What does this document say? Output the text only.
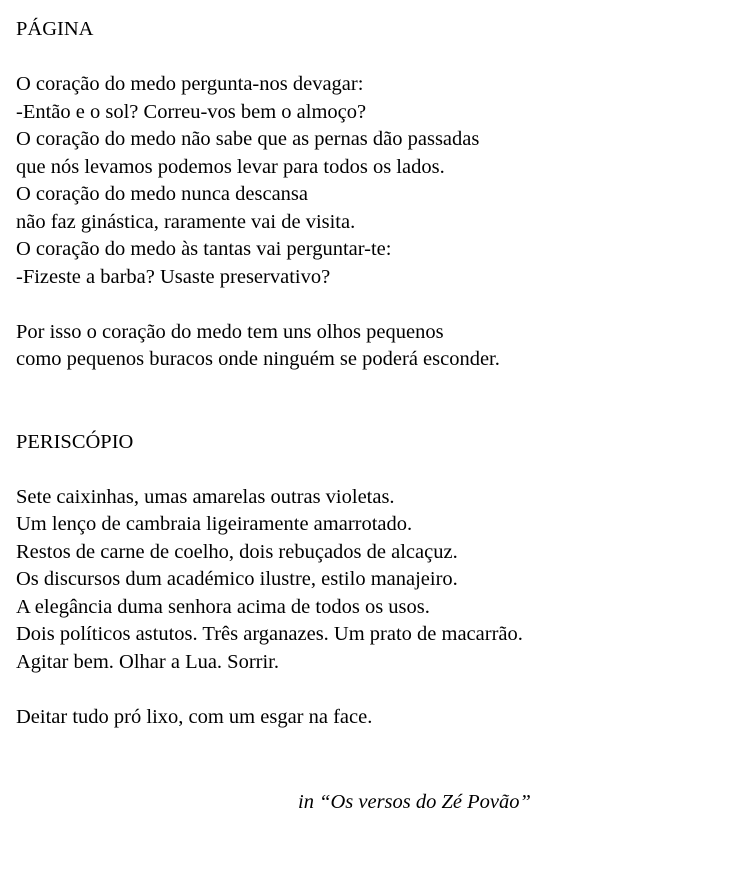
PÁGINA
O coração do medo pergunta-nos devagar:
-Então e o sol? Correu-vos bem o almoço?
O coração do medo não sabe que as pernas dão passadas
que nós levamos podemos levar para todos os lados.
O coração do medo nunca descansa
não faz ginástica, raramente vai de visita.
O coração do medo às tantas vai perguntar-te:
-Fizeste a barba? Usaste preservativo?
Por isso o coração do medo tem uns olhos pequenos
como pequenos buracos onde ninguém se poderá esconder.
PERISCÓPIO
Sete caixinhas, umas amarelas outras violetas.
Um lenço de cambraia ligeiramente amarrotado.
Restos de carne de coelho, dois rebuçados de alcaçuz.
Os discursos dum académico ilustre, estilo manajeiro.
A elegância duma senhora acima de todos os usos.
Dois políticos astutos. Três arganazes. Um prato de macarrão.
Agitar bem. Olhar a Lua. Sorrir.
Deitar tudo pró lixo, com um esgar na face.
in “Os versos do Zé Povão”
